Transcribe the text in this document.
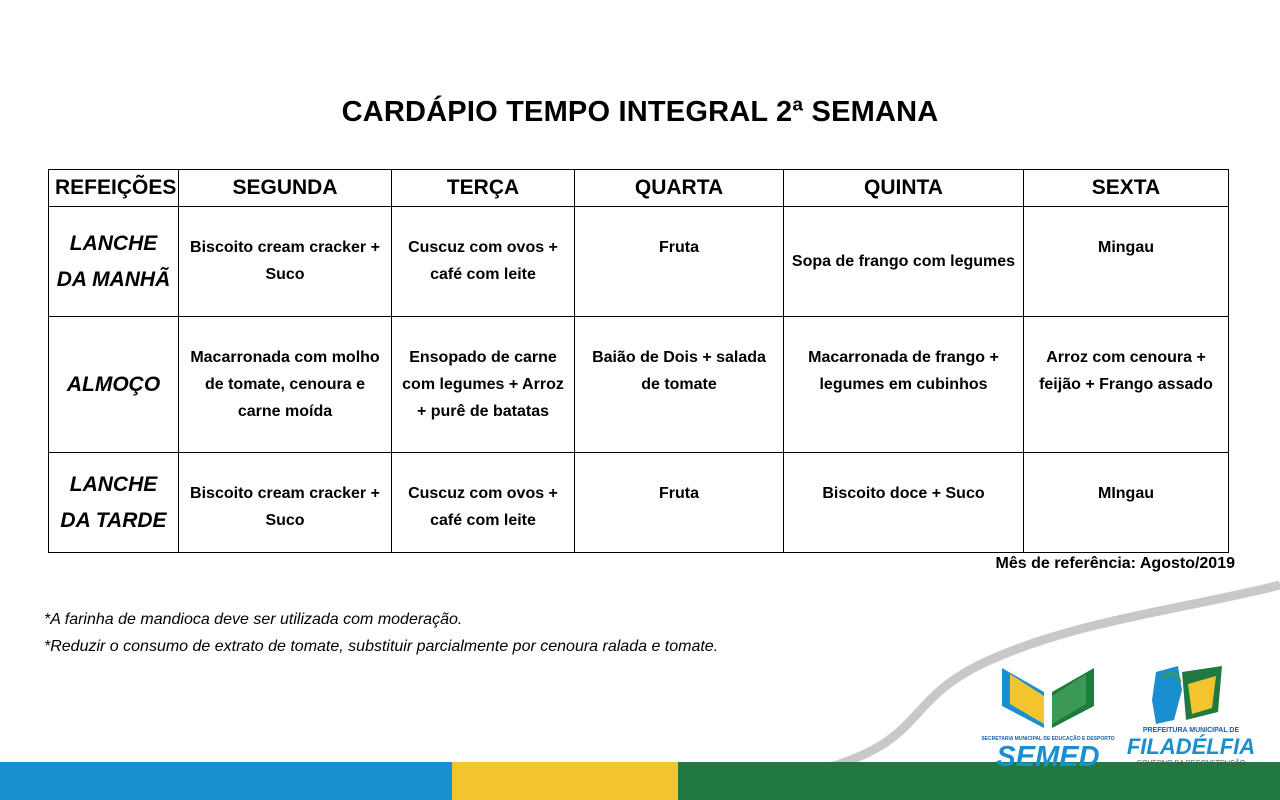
CARDÁPIO TEMPO INTEGRAL 2ª SEMANA
REFEIÇÕES	SEGUNDA	TERÇA	QUARTA	QUINTA	SEXTA
LANCHE DA MANHÃ	Biscoito cream cracker + Suco	Cuscuz com ovos + café com leite	Fruta	Sopa de frango com legumes	Mingau
ALMOÇO	Macarronada com molho de tomate, cenoura e carne moída	Ensopado de carne com legumes + Arroz + purê de batatas	Baião de Dois + salada de tomate	Macarronada de frango + legumes em cubinhos	Arroz com cenoura + feijão + Frango assado
LANCHE DA TARDE	Biscoito cream cracker + Suco	Cuscuz com ovos + café com leite	Fruta	Biscoito doce + Suco	MIngau
Mês de referência: Agosto/2019
*A farinha de mandioca deve ser utilizada com moderação.
*Reduzir o consumo de extrato de tomate, substituir parcialmente por cenoura ralada e tomate.
SECRETARIA MUNICIPAL DE EDUCAÇÃO E DESPORTO
SEMED
PREFEITURA MUNICIPAL DE
FILADÉLFIA
GOVERNO DA RECONSTRUÇÃO
